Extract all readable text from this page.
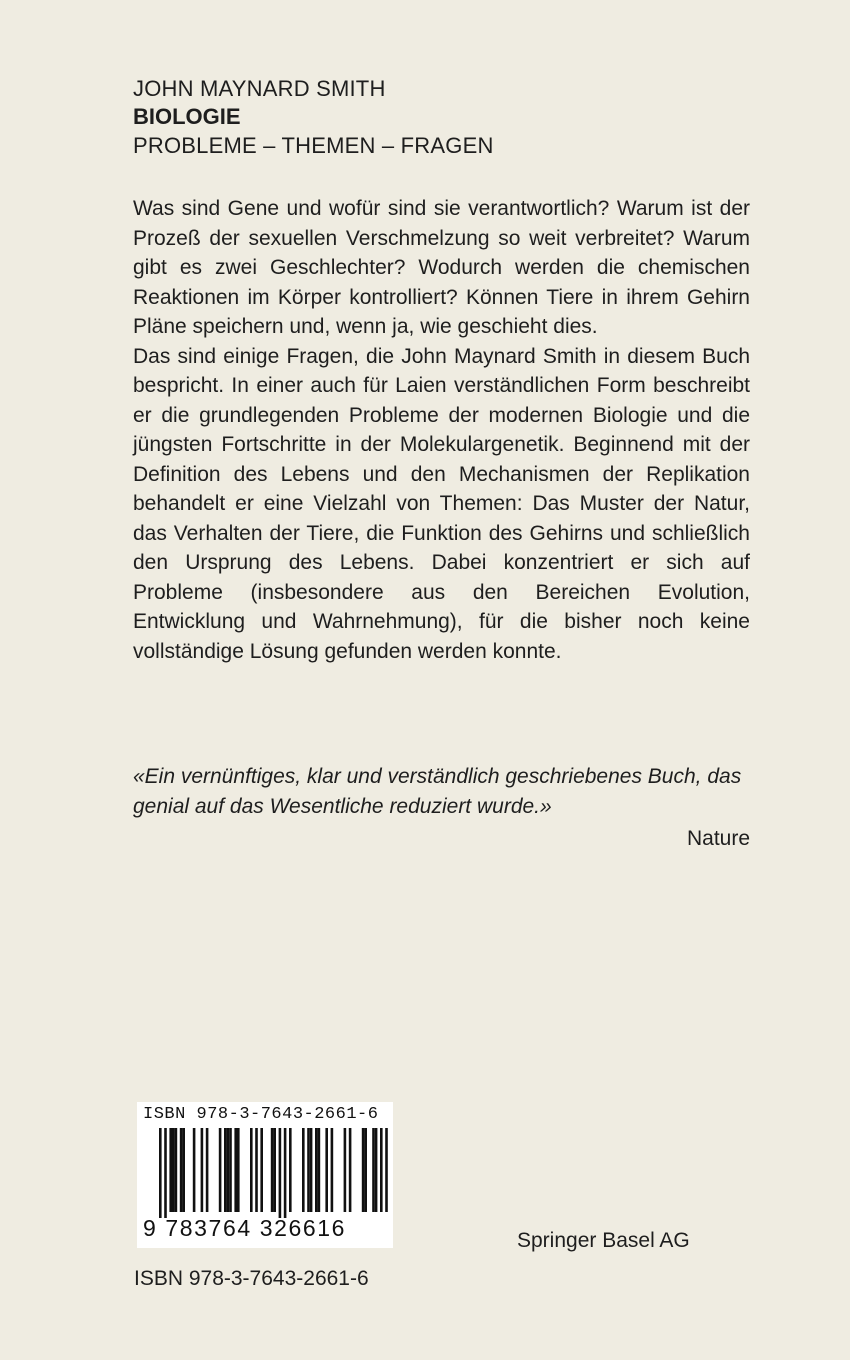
JOHN MAYNARD SMITH

BIOLOGIE

PROBLEME – THEMEN – FRAGEN

Was sind Gene und wofür sind sie verantwortlich? Warum ist der Prozeß der sexuellen Verschmelzung so weit verbreitet? Warum gibt es zwei Geschlechter? Wodurch werden die chemischen Reaktionen im Körper kontrolliert? Können Tiere in ihrem Gehirn Pläne speichern und, wenn ja, wie geschieht dies.

Das sind einige Fragen, die John Maynard Smith in diesem Buch bespricht. In einer auch für Laien verständlichen Form beschreibt er die grundlegenden Probleme der modernen Biologie und die jüngsten Fortschritte in der Molekulargenetik. Beginnend mit der Definition des Lebens und den Mechanismen der Replikation behandelt er eine Vielzahl von Themen: Das Muster der Natur, das Verhalten der Tiere, die Funktion des Gehirns und schließlich den Ursprung des Lebens. Dabei konzentriert er sich auf Probleme (insbesondere aus den Bereichen Evolution, Entwicklung und Wahrnehmung), für die bisher noch keine vollständige Lösung gefunden werden konnte.

«Ein vernünftiges, klar und verständlich geschriebenes Buch, das genial auf das Wesentliche reduziert wurde.»

Nature

ISBN 978-3-7643-2661-6
9 783764 326616	Springer Basel AG
ISBN 978-3-7643-2661-6
